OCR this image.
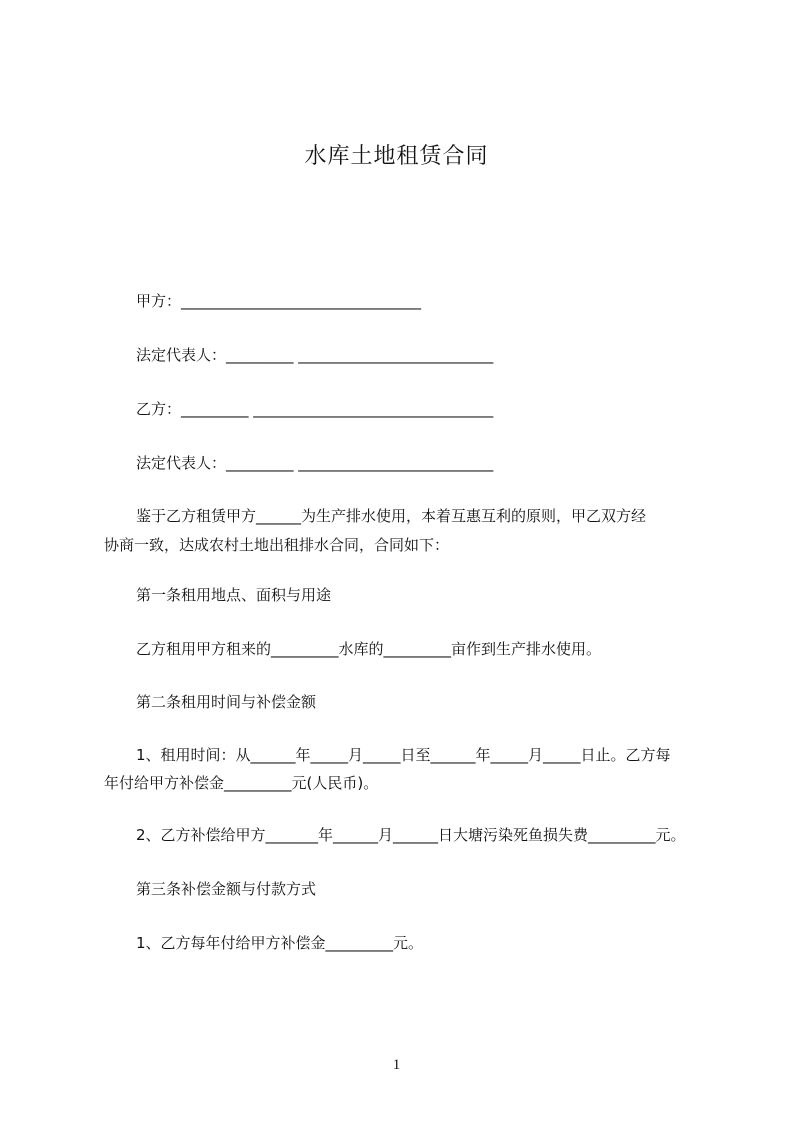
水库土地租赁合同
甲方：________________________________
法定代表人：_________ __________________________
乙方：_________ ________________________________
法定代表人：_________ __________________________
鉴于乙方租赁甲方______为生产排水使用，本着互惠互利的原则，甲乙双方经
协商一致，达成农村土地出租排水合同，合同如下：
第一条租用地点、面积与用途
乙方租用甲方租来的_________水库的_________亩作到生产排水使用。
第二条租用时间与补偿金额
1、租用时间：从______年_____月_____日至______年_____月_____日止。乙方每
年付给甲方补偿金_________元(人民币)。
2、乙方补偿给甲方_______年______月______日大塘污染死鱼损失费_________元。
第三条补偿金额与付款方式
1、乙方每年付给甲方补偿金_________元。
1
